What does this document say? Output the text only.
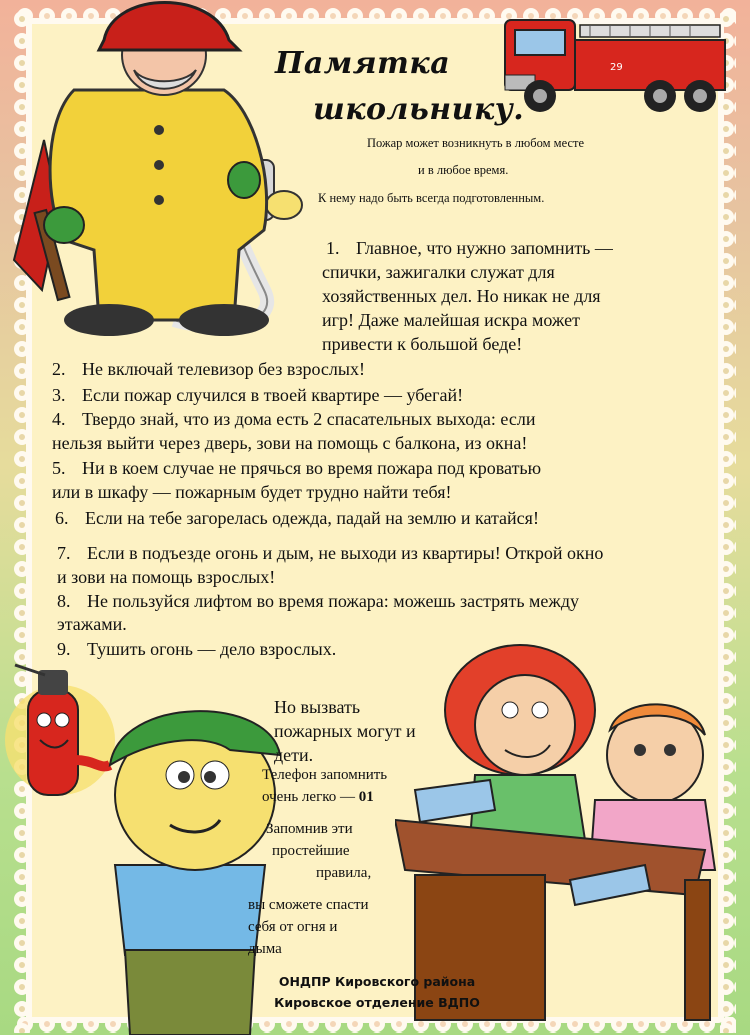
29
Памятка
школьнику.
Пожар может возникнуть в любом месте
и в любое время.
К нему надо быть всегда подготовленным.
1. Главное, что нужно запомнить —
спички, зажигалки служат для
хозяйственных дел. Но никак не для
игр! Даже малейшая искра может
привести к большой беде!
2. Не включай телевизор без взрослых!
3. Если пожар случился в твоей квартире — убегай!
4. Твердо знай, что из дома есть 2 спасательных выхода: если
нельзя выйти через дверь, зови на помощь с балкона, из окна!
5. Ни в коем случае не прячься во время пожара под кроватью
или в шкафу — пожарным будет трудно найти тебя!
6. Если на тебе загорелась одежда, падай на землю и катайся!
7. Если в подъезде огонь и дым, не выходи из квартиры! Открой окно
и зови на помощь взрослых!
8. Не пользуйся лифтом во время пожара: можешь застрять между
этажами.
9. Тушить огонь — дело взрослых.
Но вызвать
пожарных могут и
дети.
Телефон запомнить
очень легко — 01
Запомнив эти
простейшие
правила,
вы сможете спасти
себя от огня и
дыма
ОНДПР Кировского района
Кировское отделение ВДПО
